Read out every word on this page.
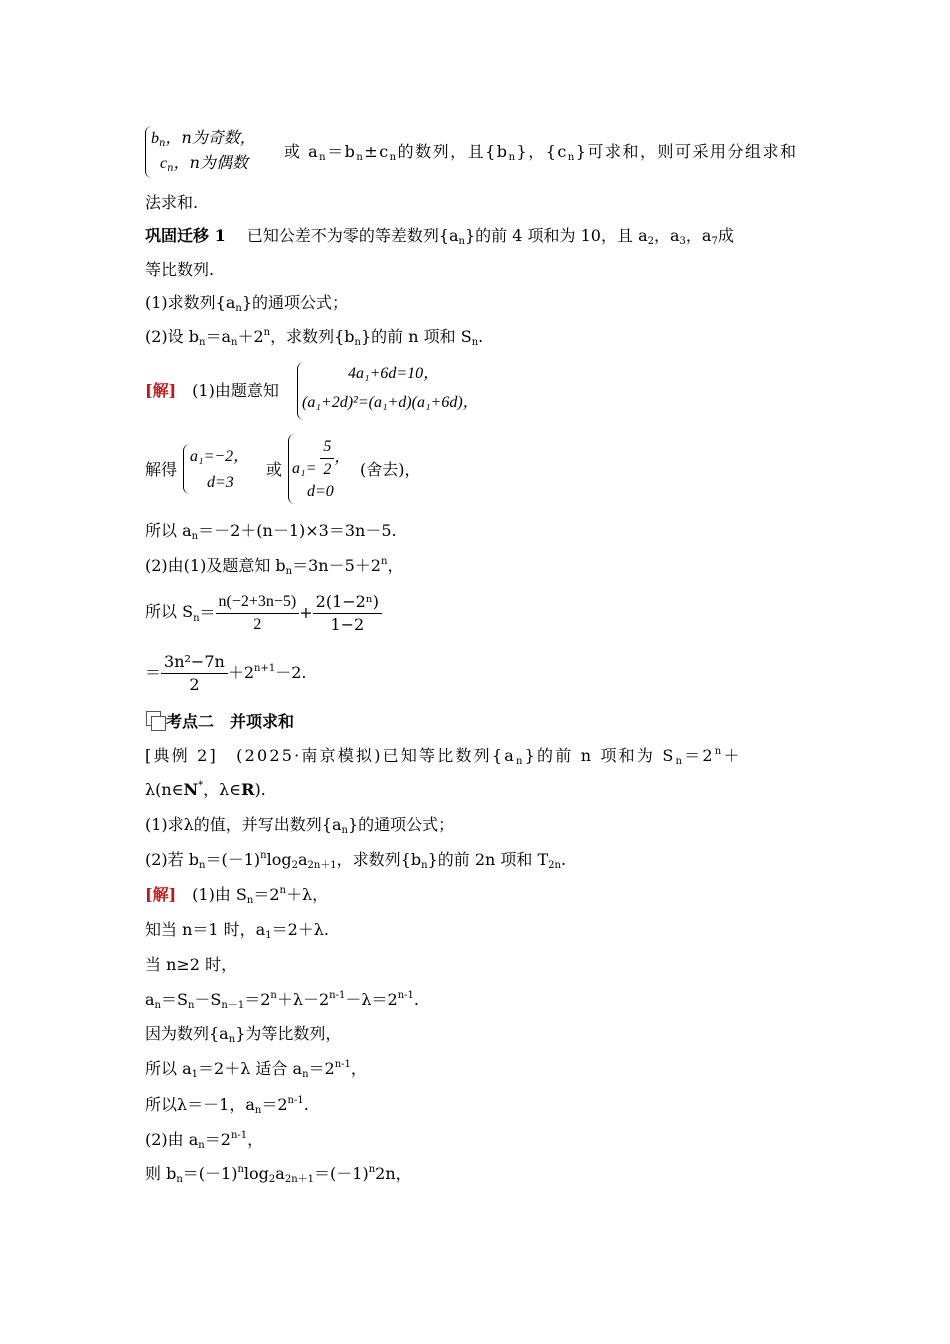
$b_n$，n为奇数，
$c_n$，n为偶数
或 $a_n=b_n\pm c_n$的数列，且$\{b_n\}$，$\{c_n\}$可求和，则可采用分组求和
法求和.
巩固迁移 1　 已知公差不为零的等差数列$\{a_n\}$的前 4 项和为 10，且 $a_2$，$a_3$，$a_7$成
等比数列.
(1)求数列$\{a_n\}$的通项公式；
(2)设 $b_n=a_n+2^n$，求数列$\{b_n\}$的前 n 项和 $S_n$.
[解]　 (1)由题意知
4a₁+6d=10，
(a₁+2d)²=(a₁+d)(a₁+6d)，
解得
a₁=−2，
d=3
或 $a_1= \frac{5}{2}$ ，
d=0
(舍去)，
所以 $a_n=-2+(n-1)\times 3=3n-5$.
(2)由(1)及题意知 $b_n=3n-5+2^n$，
所以 $S_n= \frac{n(-2+3n-5)}{2} + \frac{\text{2(1−2ⁿ)}}{1-2}$
＝ $\frac{\text{3n²−7n}}{2} +2^{n+1}-2$.
考点二　并项求和
[典例 2]　 (2025·南京模拟)已知等比数列$\{a_n\}$的前 n 项和为 $S_n=2^n+$
λ(n∈N*，λ∈R).
(1)求λ的值，并写出数列$\{a_n\}$的通项公式；
(2)若 $b_n=(-1)^n\log_2a_{2n+1}$，求数列$\{b_n\}$的前 2n 项和 $T_{2n}$.
[解]　 (1)由 $S_n=2^n+\lambda$，
知当 n＝1 时，$a_1=2+\lambda$.
当 n≥2 时，
$a_n=S_n-S_{n-1}=2^n+\lambda-2^{n-1}-\lambda=2^{n-1}$.
因为数列$\{a_n\}$为等比数列，
所以 $a_1=2+\lambda$ 适合 $a_n=2^{n-1}$，
所以λ＝－1，$a_n=2^{n-1}$.
(2)由 $a_n=2^{n-1}$，
则 $b_n=(-1)^n\log_2a_{2n+1}=(-1)^n2n$，
